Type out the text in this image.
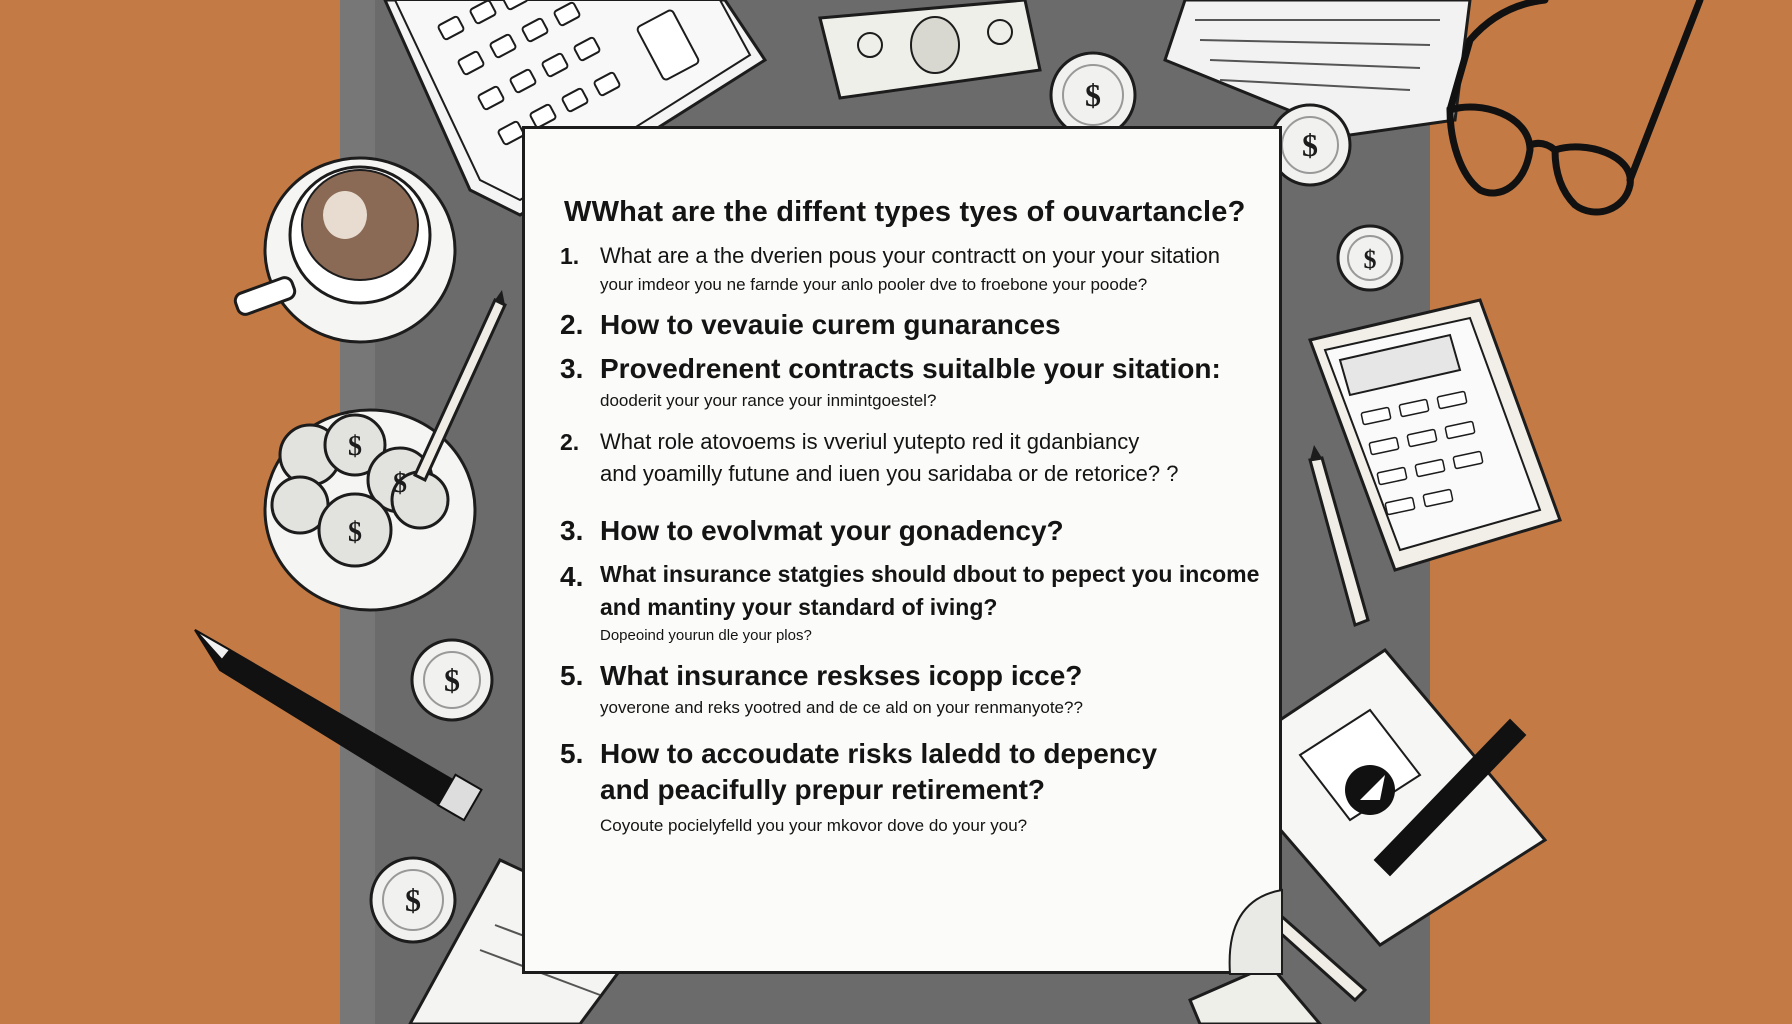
$
$
$
$
$
$
$
$
WWhat are the diffent types tyes of ouvartancle?
1. What are a the dverien pous your contractt on your your sitation
your imdeor you ne farnde your anlo pooler dve to froebone your poode?
2. How to vevauie curem gunarances
3. Provedrenent contracts suitalble your sitation:
dooderit your your rance your inmintgoestel?
2. What role atovoems is vveriul yutepto red it gdanbiancy
and yoamilly futune and iuen you saridaba or de retorice? ?
3. How to evolvmat your gonadency?
4. What insurance statgies should dbout to pepect you income
and mantiny your standard of iving?
Dopeoind yourun dle your plos?
5. What insurance reskses icopp icce?
yoverone and reks yootred and de ce ald on your renmanyote??
5. How to accoudate risks laledd to depency
and peacifully prepur retirement?
Coyoute pocielyfelld you your mkovor dove do your you?
